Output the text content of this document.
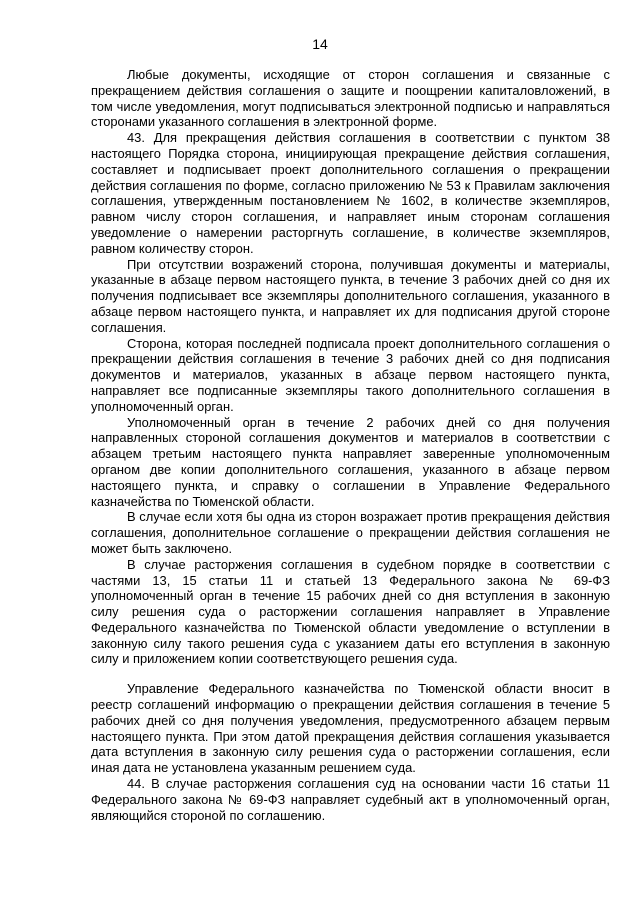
14

Любые документы, исходящие от сторон соглашения и связанные с прекращением действия соглашения о защите и поощрении капиталовложений, в том числе уведомления, могут подписываться электронной подписью и направляться сторонами указанного соглашения в электронной форме.

43. Для прекращения действия соглашения в соответствии с пунктом 38 настоящего Порядка сторона, инициирующая прекращение действия соглашения, составляет и подписывает проект дополнительного соглашения о прекращении действия соглашения по форме, согласно приложению № 53 к Правилам заключения соглашения, утвержденным постановлением № 1602, в количестве экземпляров, равном числу сторон соглашения, и направляет иным сторонам соглашения уведомление о намерении расторгнуть соглашение, в количестве экземпляров, равном количеству сторон.

При отсутствии возражений сторона, получившая документы и материалы, указанные в абзаце первом настоящего пункта, в течение 3 рабочих дней со дня их получения подписывает все экземпляры дополнительного соглашения, указанного в абзаце первом настоящего пункта, и направляет их для подписания другой стороне соглашения.

Сторона, которая последней подписала проект дополнительного соглашения о прекращении действия соглашения в течение 3 рабочих дней со дня подписания документов и материалов, указанных в абзаце первом настоящего пункта, направляет все подписанные экземпляры такого дополнительного соглашения в уполномоченный орган.

Уполномоченный орган в течение 2 рабочих дней со дня получения направленных стороной соглашения документов и материалов в соответствии с абзацем третьим настоящего пункта направляет заверенные уполномоченным органом две копии дополнительного соглашения, указанного в абзаце первом настоящего пункта, и справку о соглашении в Управление Федерального казначейства по Тюменской области.

В случае если хотя бы одна из сторон возражает против прекращения действия соглашения, дополнительное соглашение о прекращении действия соглашения не может быть заключено.

В случае расторжения соглашения в судебном порядке в соответствии с частями 13, 15 статьи 11 и статьей 13 Федерального закона № 69-ФЗ уполномоченный орган в течение 15 рабочих дней со дня вступления в законную силу решения суда о расторжении соглашения направляет в Управление Федерального казначейства по Тюменской области уведомление о вступлении в законную силу такого решения суда с указанием даты его вступления в законную силу и приложением копии соответствующего решения суда.

Управление Федерального казначейства по Тюменской области вносит в реестр соглашений информацию о прекращении действия соглашения в течение 5 рабочих дней со дня получения уведомления, предусмотренного абзацем первым настоящего пункта. При этом датой прекращения действия соглашения указывается дата вступления в законную силу решения суда о расторжении соглашения, если иная дата не установлена указанным решением суда.

44. В случае расторжения соглашения суд на основании части 16 статьи 11 Федерального закона № 69-ФЗ направляет судебный акт в уполномоченный орган, являющийся стороной по соглашению.
